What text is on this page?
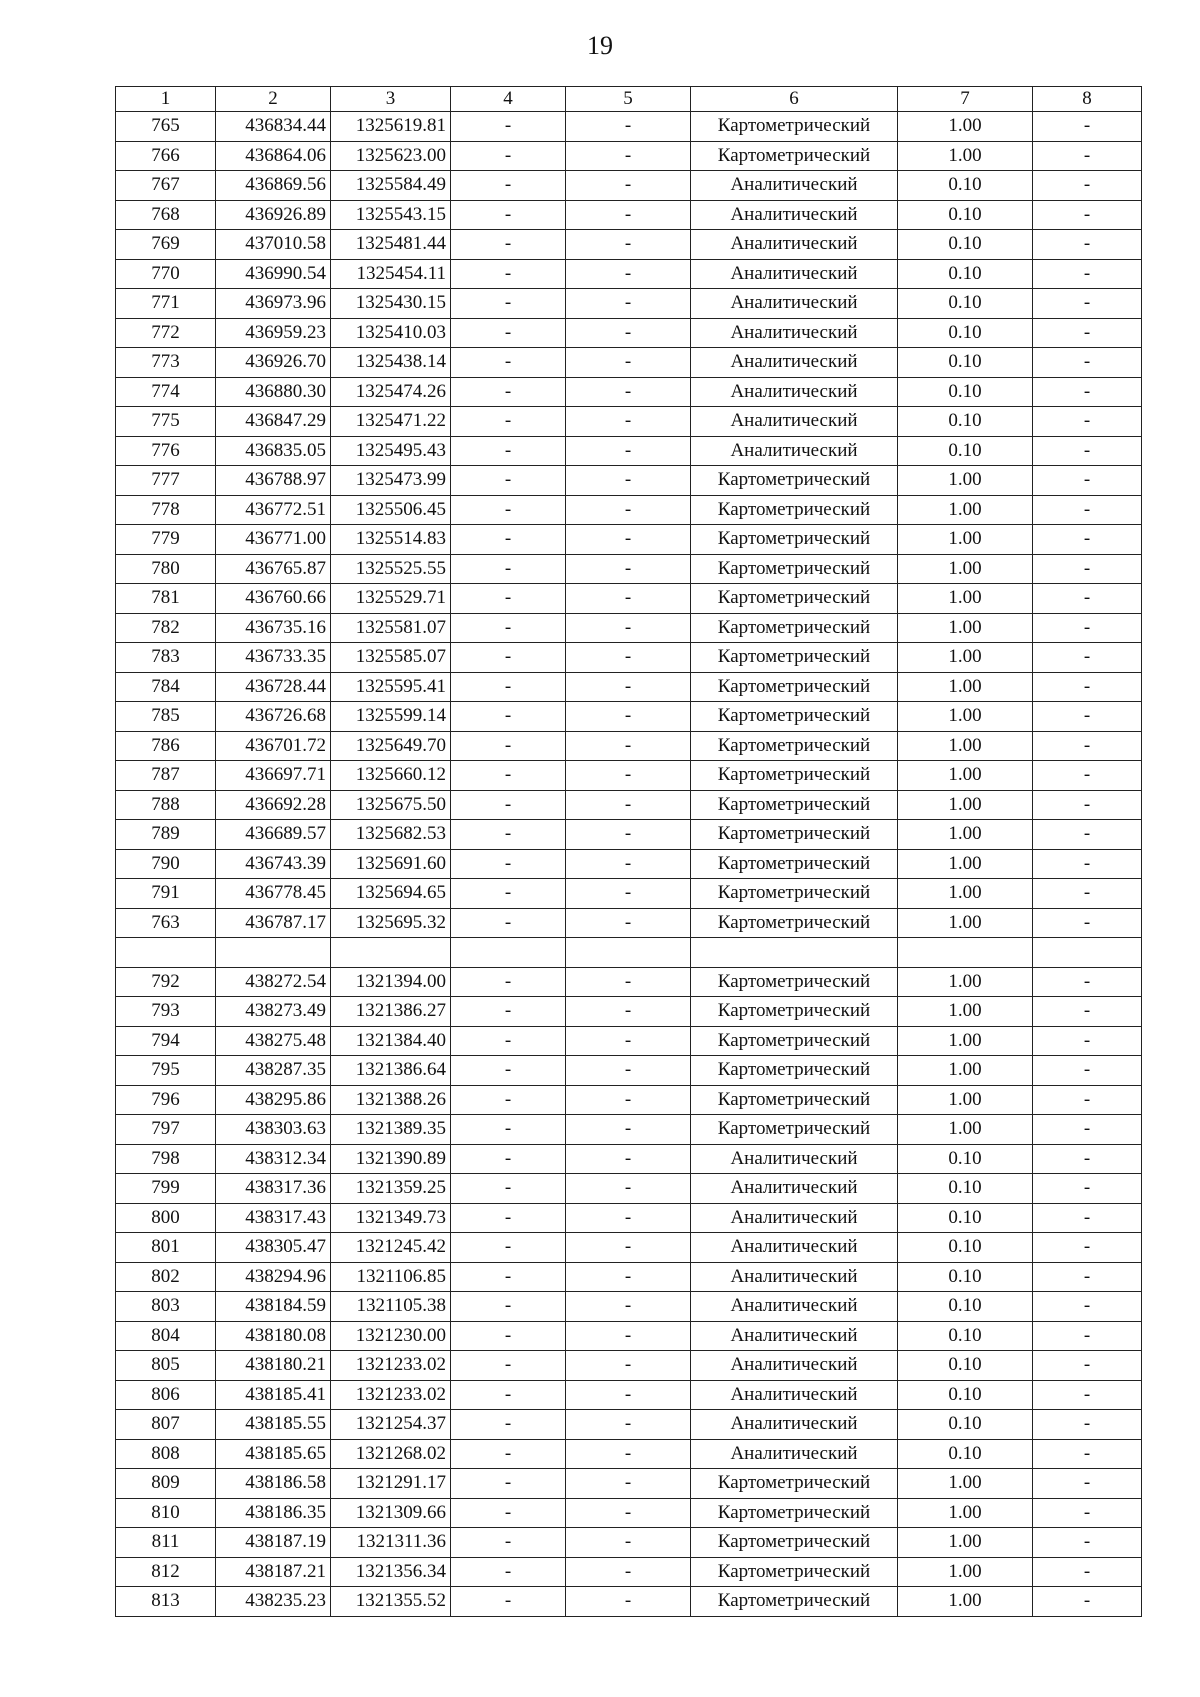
19
1	2	3	4	5	6	7	8
765	436834.44	1325619.81	-	-	Картометрический	1.00	-
766	436864.06	1325623.00	-	-	Картометрический	1.00	-
767	436869.56	1325584.49	-	-	Аналитический	0.10	-
768	436926.89	1325543.15	-	-	Аналитический	0.10	-
769	437010.58	1325481.44	-	-	Аналитический	0.10	-
770	436990.54	1325454.11	-	-	Аналитический	0.10	-
771	436973.96	1325430.15	-	-	Аналитический	0.10	-
772	436959.23	1325410.03	-	-	Аналитический	0.10	-
773	436926.70	1325438.14	-	-	Аналитический	0.10	-
774	436880.30	1325474.26	-	-	Аналитический	0.10	-
775	436847.29	1325471.22	-	-	Аналитический	0.10	-
776	436835.05	1325495.43	-	-	Аналитический	0.10	-
777	436788.97	1325473.99	-	-	Картометрический	1.00	-
778	436772.51	1325506.45	-	-	Картометрический	1.00	-
779	436771.00	1325514.83	-	-	Картометрический	1.00	-
780	436765.87	1325525.55	-	-	Картометрический	1.00	-
781	436760.66	1325529.71	-	-	Картометрический	1.00	-
782	436735.16	1325581.07	-	-	Картометрический	1.00	-
783	436733.35	1325585.07	-	-	Картометрический	1.00	-
784	436728.44	1325595.41	-	-	Картометрический	1.00	-
785	436726.68	1325599.14	-	-	Картометрический	1.00	-
786	436701.72	1325649.70	-	-	Картометрический	1.00	-
787	436697.71	1325660.12	-	-	Картометрический	1.00	-
788	436692.28	1325675.50	-	-	Картометрический	1.00	-
789	436689.57	1325682.53	-	-	Картометрический	1.00	-
790	436743.39	1325691.60	-	-	Картометрический	1.00	-
791	436778.45	1325694.65	-	-	Картометрический	1.00	-
763	436787.17	1325695.32	-	-	Картометрический	1.00	-

792	438272.54	1321394.00	-	-	Картометрический	1.00	-
793	438273.49	1321386.27	-	-	Картометрический	1.00	-
794	438275.48	1321384.40	-	-	Картометрический	1.00	-
795	438287.35	1321386.64	-	-	Картометрический	1.00	-
796	438295.86	1321388.26	-	-	Картометрический	1.00	-
797	438303.63	1321389.35	-	-	Картометрический	1.00	-
798	438312.34	1321390.89	-	-	Аналитический	0.10	-
799	438317.36	1321359.25	-	-	Аналитический	0.10	-
800	438317.43	1321349.73	-	-	Аналитический	0.10	-
801	438305.47	1321245.42	-	-	Аналитический	0.10	-
802	438294.96	1321106.85	-	-	Аналитический	0.10	-
803	438184.59	1321105.38	-	-	Аналитический	0.10	-
804	438180.08	1321230.00	-	-	Аналитический	0.10	-
805	438180.21	1321233.02	-	-	Аналитический	0.10	-
806	438185.41	1321233.02	-	-	Аналитический	0.10	-
807	438185.55	1321254.37	-	-	Аналитический	0.10	-
808	438185.65	1321268.02	-	-	Аналитический	0.10	-
809	438186.58	1321291.17	-	-	Картометрический	1.00	-
810	438186.35	1321309.66	-	-	Картометрический	1.00	-
811	438187.19	1321311.36	-	-	Картометрический	1.00	-
812	438187.21	1321356.34	-	-	Картометрический	1.00	-
813	438235.23	1321355.52	-	-	Картометрический	1.00	-
